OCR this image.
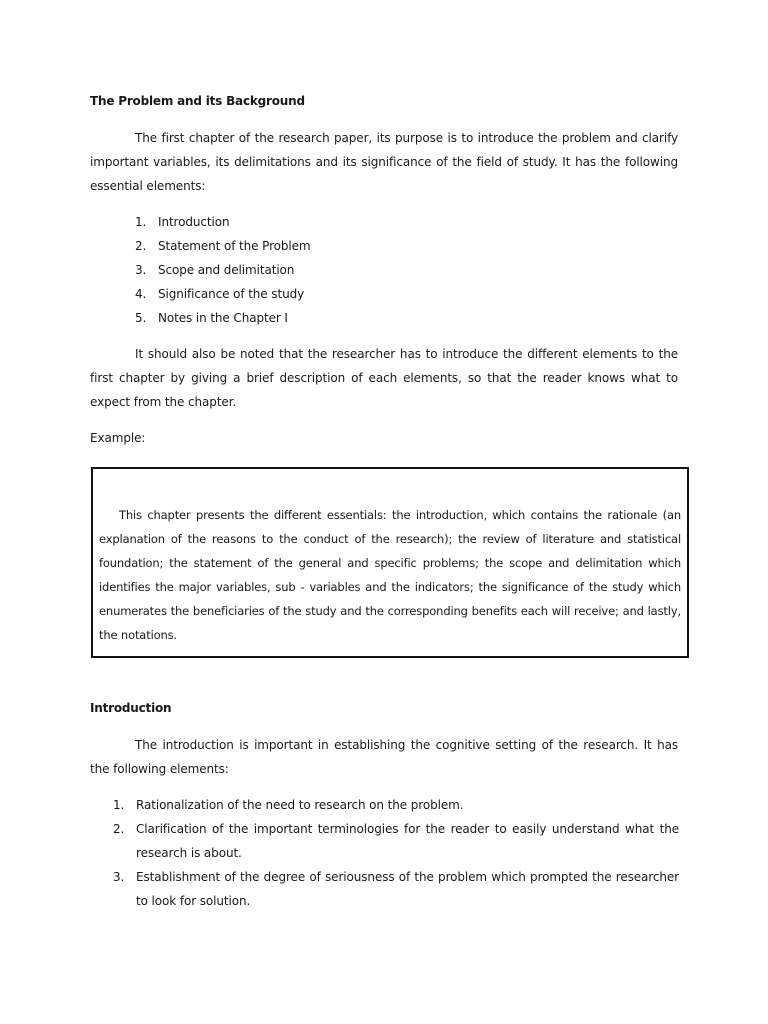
The Problem and its Background

The first chapter of the research paper, its purpose is to introduce the problem and clarify important variables, its delimitations and its significance of the field of study. It has the following essential elements:

1. Introduction
2. Statement of the Problem
3. Scope and delimitation
4. Significance of the study
5. Notes in the Chapter I

It should also be noted that the researcher has to introduce the different elements to the first chapter by giving a brief description of each elements, so that the reader knows what to expect from the chapter.

Example:

This chapter presents the different essentials: the introduction, which contains the rationale (an explanation of the reasons to the conduct of the research); the review of literature and statistical foundation; the statement of the general and specific problems; the scope and delimitation which identifies the major variables, sub - variables and the indicators; the significance of the study which enumerates the beneficiaries of the study and the corresponding benefits each will receive; and lastly, the notations.

Introduction

The introduction is important in establishing the cognitive setting of the research. It has the following elements:

1. Rationalization of the need to research on the problem.
2. Clarification of the important terminologies for the reader to easily understand what the research is about.
3. Establishment of the degree of seriousness of the problem which prompted the researcher to look for solution.
